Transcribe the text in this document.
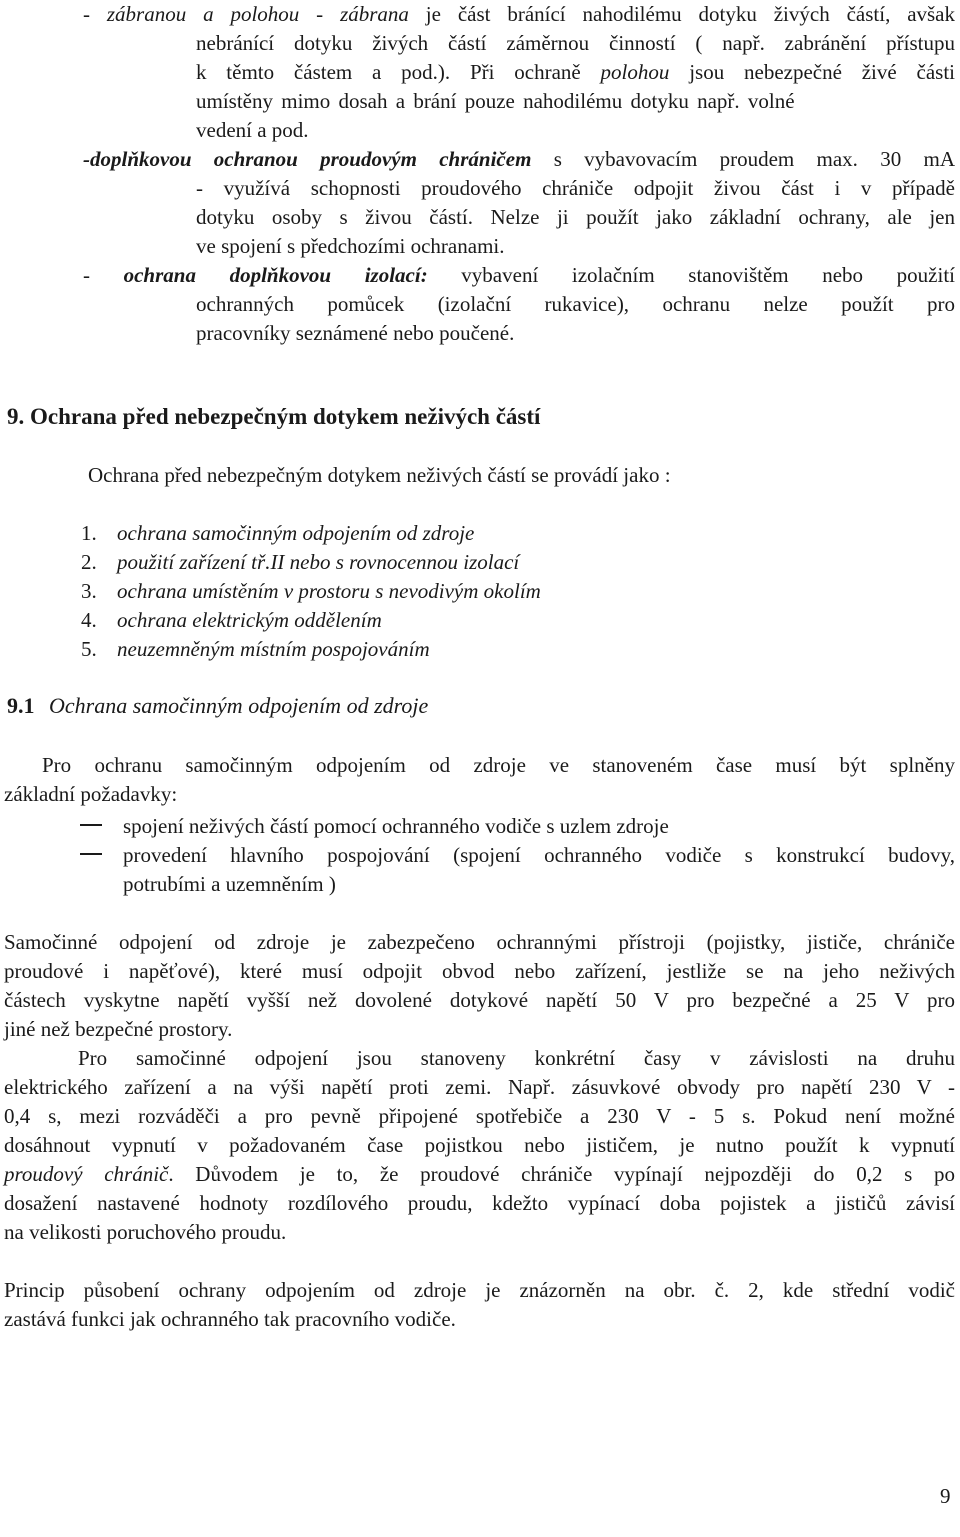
- zábranou a polohou - zábrana je část bránící nahodilému dotyku živých částí, avšak
nebránící dotyku živých částí záměrnou činností ( např. zabránění přístupu
k těmto částem a pod.). Při ochraně polohou jsou nebezpečné živé části
umístěny mimo dosah a brání pouze nahodilému dotyku např. volné
vedení a pod.
-doplňkovou ochranou proudovým chráničem s vybavovacím proudem max. 30 mA
- využívá schopnosti proudového chrániče odpojit živou část i v případě
dotyku osoby s živou částí. Nelze ji použít jako základní ochrany, ale jen
ve spojení s předchozími ochranami.
- ochrana doplňkovou izolací: vybavení izolačním stanovištěm nebo použití
ochranných pomůcek (izolační rukavice), ochranu nelze použít pro
pracovníky seznámené nebo poučené.
9. Ochrana před nebezpečným dotykem neživých částí
Ochrana před nebezpečným dotykem neživých částí se provádí jako :
1. ochrana samočinným odpojením od zdroje
2. použití zařízení tř.II nebo s rovnocennou izolací
3. ochrana umístěním v prostoru s nevodivým okolím
4. ochrana elektrickým oddělením
5. neuzemněným místním pospojováním
9.1 Ochrana samočinným odpojením od zdroje
Pro ochranu samočinným odpojením od zdroje ve stanoveném čase musí být splněny
základní požadavky:
spojení neživých částí pomocí ochranného vodiče s uzlem zdroje
provedení hlavního pospojování (spojení ochranného vodiče s konstrukcí budovy,
potrubími a uzemněním )
Samočinné odpojení od zdroje je zabezpečeno ochrannými přístroji (pojistky, jističe, chrániče
proudové i napěťové), které musí odpojit obvod nebo zařízení, jestliže se na jeho neživých
částech vyskytne napětí vyšší než dovolené dotykové napětí 50 V pro bezpečné a 25 V pro
jiné než bezpečné prostory.
Pro samočinné odpojení jsou stanoveny konkrétní časy v závislosti na druhu
elektrického zařízení a na výši napětí proti zemi. Např. zásuvkové obvody pro napětí 230 V -
0,4 s, mezi rozváděči a pro pevně připojené spotřebiče a 230 V - 5 s. Pokud není možné
dosáhnout vypnutí v požadovaném čase pojistkou nebo jističem, je nutno použít k vypnutí
proudový chránič. Důvodem je to, že proudové chrániče vypínají nejpozději do 0,2 s po
dosažení nastavené hodnoty rozdílového proudu, kdežto vypínací doba pojistek a jističů závisí
na velikosti poruchového proudu.
Princip působení ochrany odpojením od zdroje je znázorněn na obr. č. 2, kde střední vodič
zastává funkci jak ochranného tak pracovního vodiče.
9
